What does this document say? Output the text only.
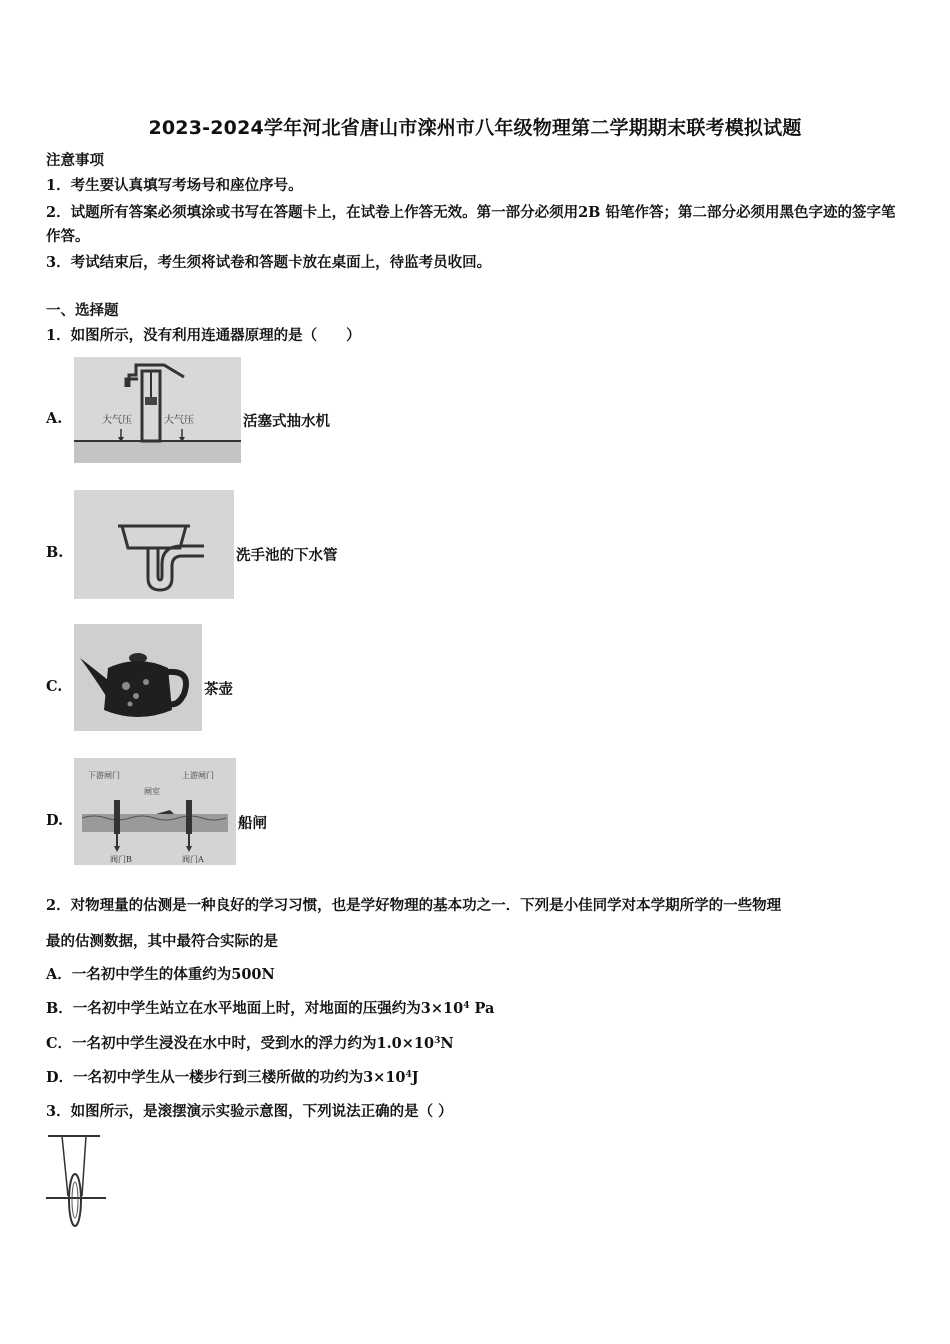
2023-2024学年河北省唐山市滦州市八年级物理第二学期期末联考模拟试题
注意事项
1．考生要认真填写考场号和座位序号。
2．试题所有答案必须填涂或书写在答题卡上，在试卷上作答无效。第一部分必须用2B 铅笔作答；第二部分必须用黑色字迹的签字笔作答。
3．考试结束后，考生须将试卷和答题卡放在桌面上，待监考员收回。
一、选择题
1．如图所示，没有利用连通器原理的是（　　）
A.	大气压	大气压	活塞式抽水机
B.	洗手池的下水管
C.	茶壶
D.
下游闸门
闸室
上游闸门
阀门B	阀门A
船闸
2．对物理量的估测是一种良好的学习习惯，也是学好物理的基本功之一．下列是小佳同学对本学期所学的一些物理
最的估测数据，其中最符合实际的是
A．一名初中学生的体重约为500N
B．一名初中学生站立在水平地面上时，对地面的压强约为$3\times 10^4$ Pa
C．一名初中学生浸没在水中时，受到水的浮力约为$1.0\times 10^3N$
D．一名初中学生从一楼步行到三楼所做的功约为$3\times 10^4J$
3．如图所示，是滚摆演示实验示意图，下列说法正确的是（ ）
